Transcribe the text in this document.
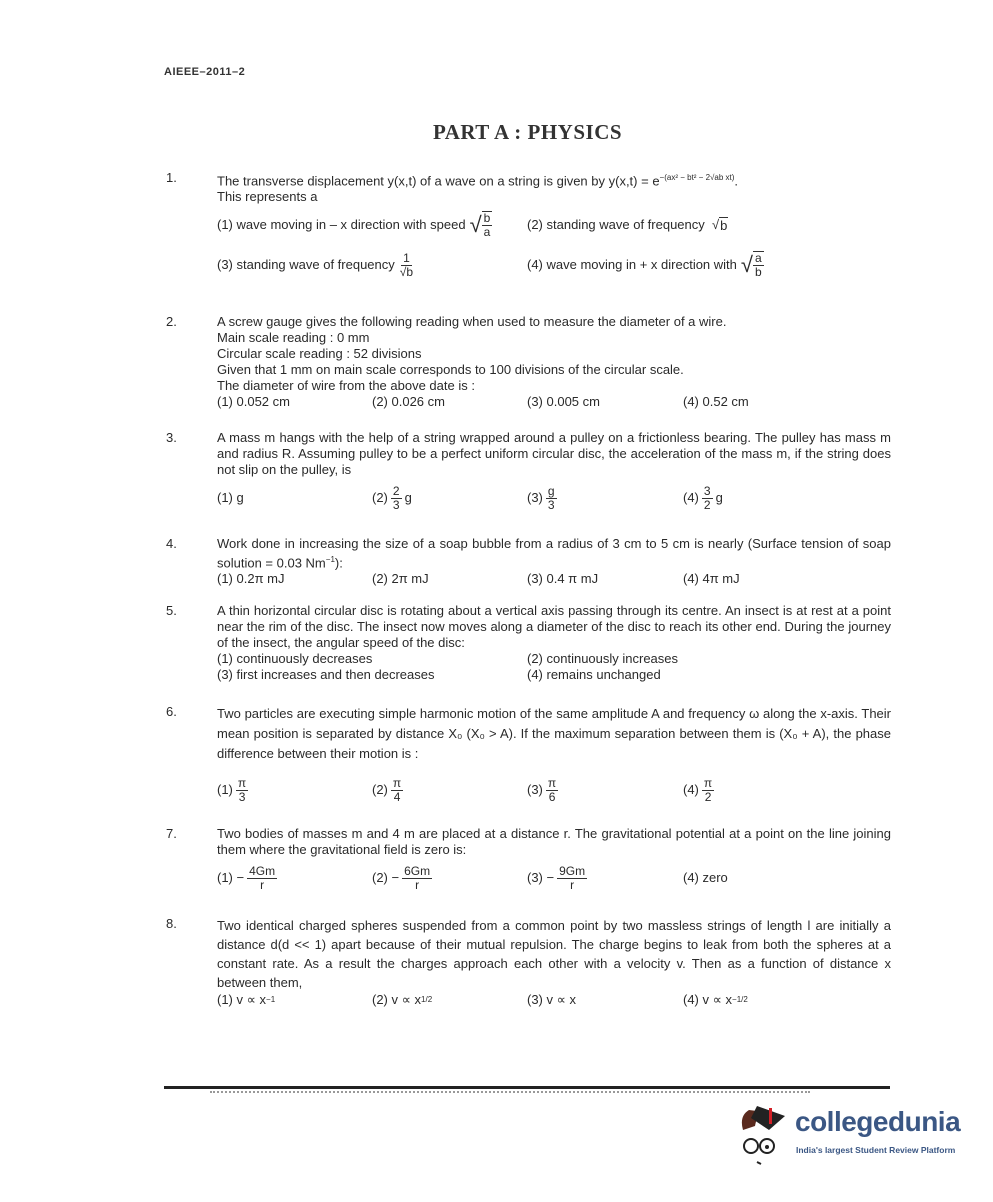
AIEEE–2011–2
PART A : PHYSICS
1.	The transverse displacement y(x,t) of a wave on a string is given by $y(x,t) = e^{-(ax^2 - bt^2 - 2√ab xt)}$.
This represents a
(1) wave moving in – x direction with speed √ $\frac{b}{a}$	(2) standing wave of frequency √ b
(3) standing wave of frequency $\frac{1}{√b}$	(4) wave moving in + x direction with √ $\frac{a}{b}$
2.	A screw gauge gives the following reading when used to measure the diameter of a wire.
Main scale reading : 0 mm
Circular scale reading : 52 divisions
Given that 1 mm on main scale corresponds to 100 divisions of the circular scale.
The diameter of wire from the above date is :
(1) 0.052 cm	(2) 0.026 cm	(3) 0.005 cm	(4) 0.52 cm
3.	A mass m hangs with the help of a string wrapped around a pulley on a frictionless bearing. The pulley has mass m and radius R. Assuming pulley to be a perfect uniform circular disc, the acceleration of the mass m, if the string does not slip on the pulley, is
(1) g	$(2) \frac{2}{3}$ g	$(3) \frac{g}{3}$	$(4) \frac{3}{2}$ g
4.	Work done in increasing the size of a soap bubble from a radius of 3 cm to 5 cm is nearly (Surface tension of soap solution = 0.03 $Nm^{-1}$):
(1) 0.2π mJ	(2) 2π mJ	(3) 0.4 π mJ	(4) 4π mJ
5.	A thin horizontal circular disc is rotating about a vertical axis passing through its centre. An insect is at rest at a point near the rim of the disc. The insect now moves along a diameter of the disc to reach its other end. During the journey of the insect, the angular speed of the disc:
(1) continuously decreases	(2) continuously increases
(3) first increases and then decreases	(4) remains unchanged
6.	Two particles are executing simple harmonic motion of the same amplitude A and frequency ω along the x-axis. Their mean position is separated by distance X₀ (X₀ > A). If the maximum separation between them is (X₀ + A), the phase difference between their motion is :
$(1) \frac{\pi}{3}$	$(2) \frac{\pi}{4}$	$(3) \frac{\pi}{6}$	$(4) \frac{\pi}{2}$
7.	Two bodies of masses m and 4 m are placed at a distance r. The gravitational potential at a point on the line joining them where the gravitational field is zero is:
$(1) - \frac{4Gm}{r}$	$(2) - \frac{6Gm}{r}$	$(3) - \frac{9Gm}{r}$	(4) zero
8.	Two identical charged spheres suspended from a common point by two massless strings of length l are initially a distance d(d << 1) apart because of their mutual repulsion. The charge begins to leak from both the spheres at a constant rate. As a result the charges approach each other with a velocity v. Then as a function of distance x between them,
(1) v ∝ x −1	(2) v ∝ x 1/2	(3) v ∝ x	(4) v ∝ x −1/2
collegedunia
India's largest Student Review Platform
